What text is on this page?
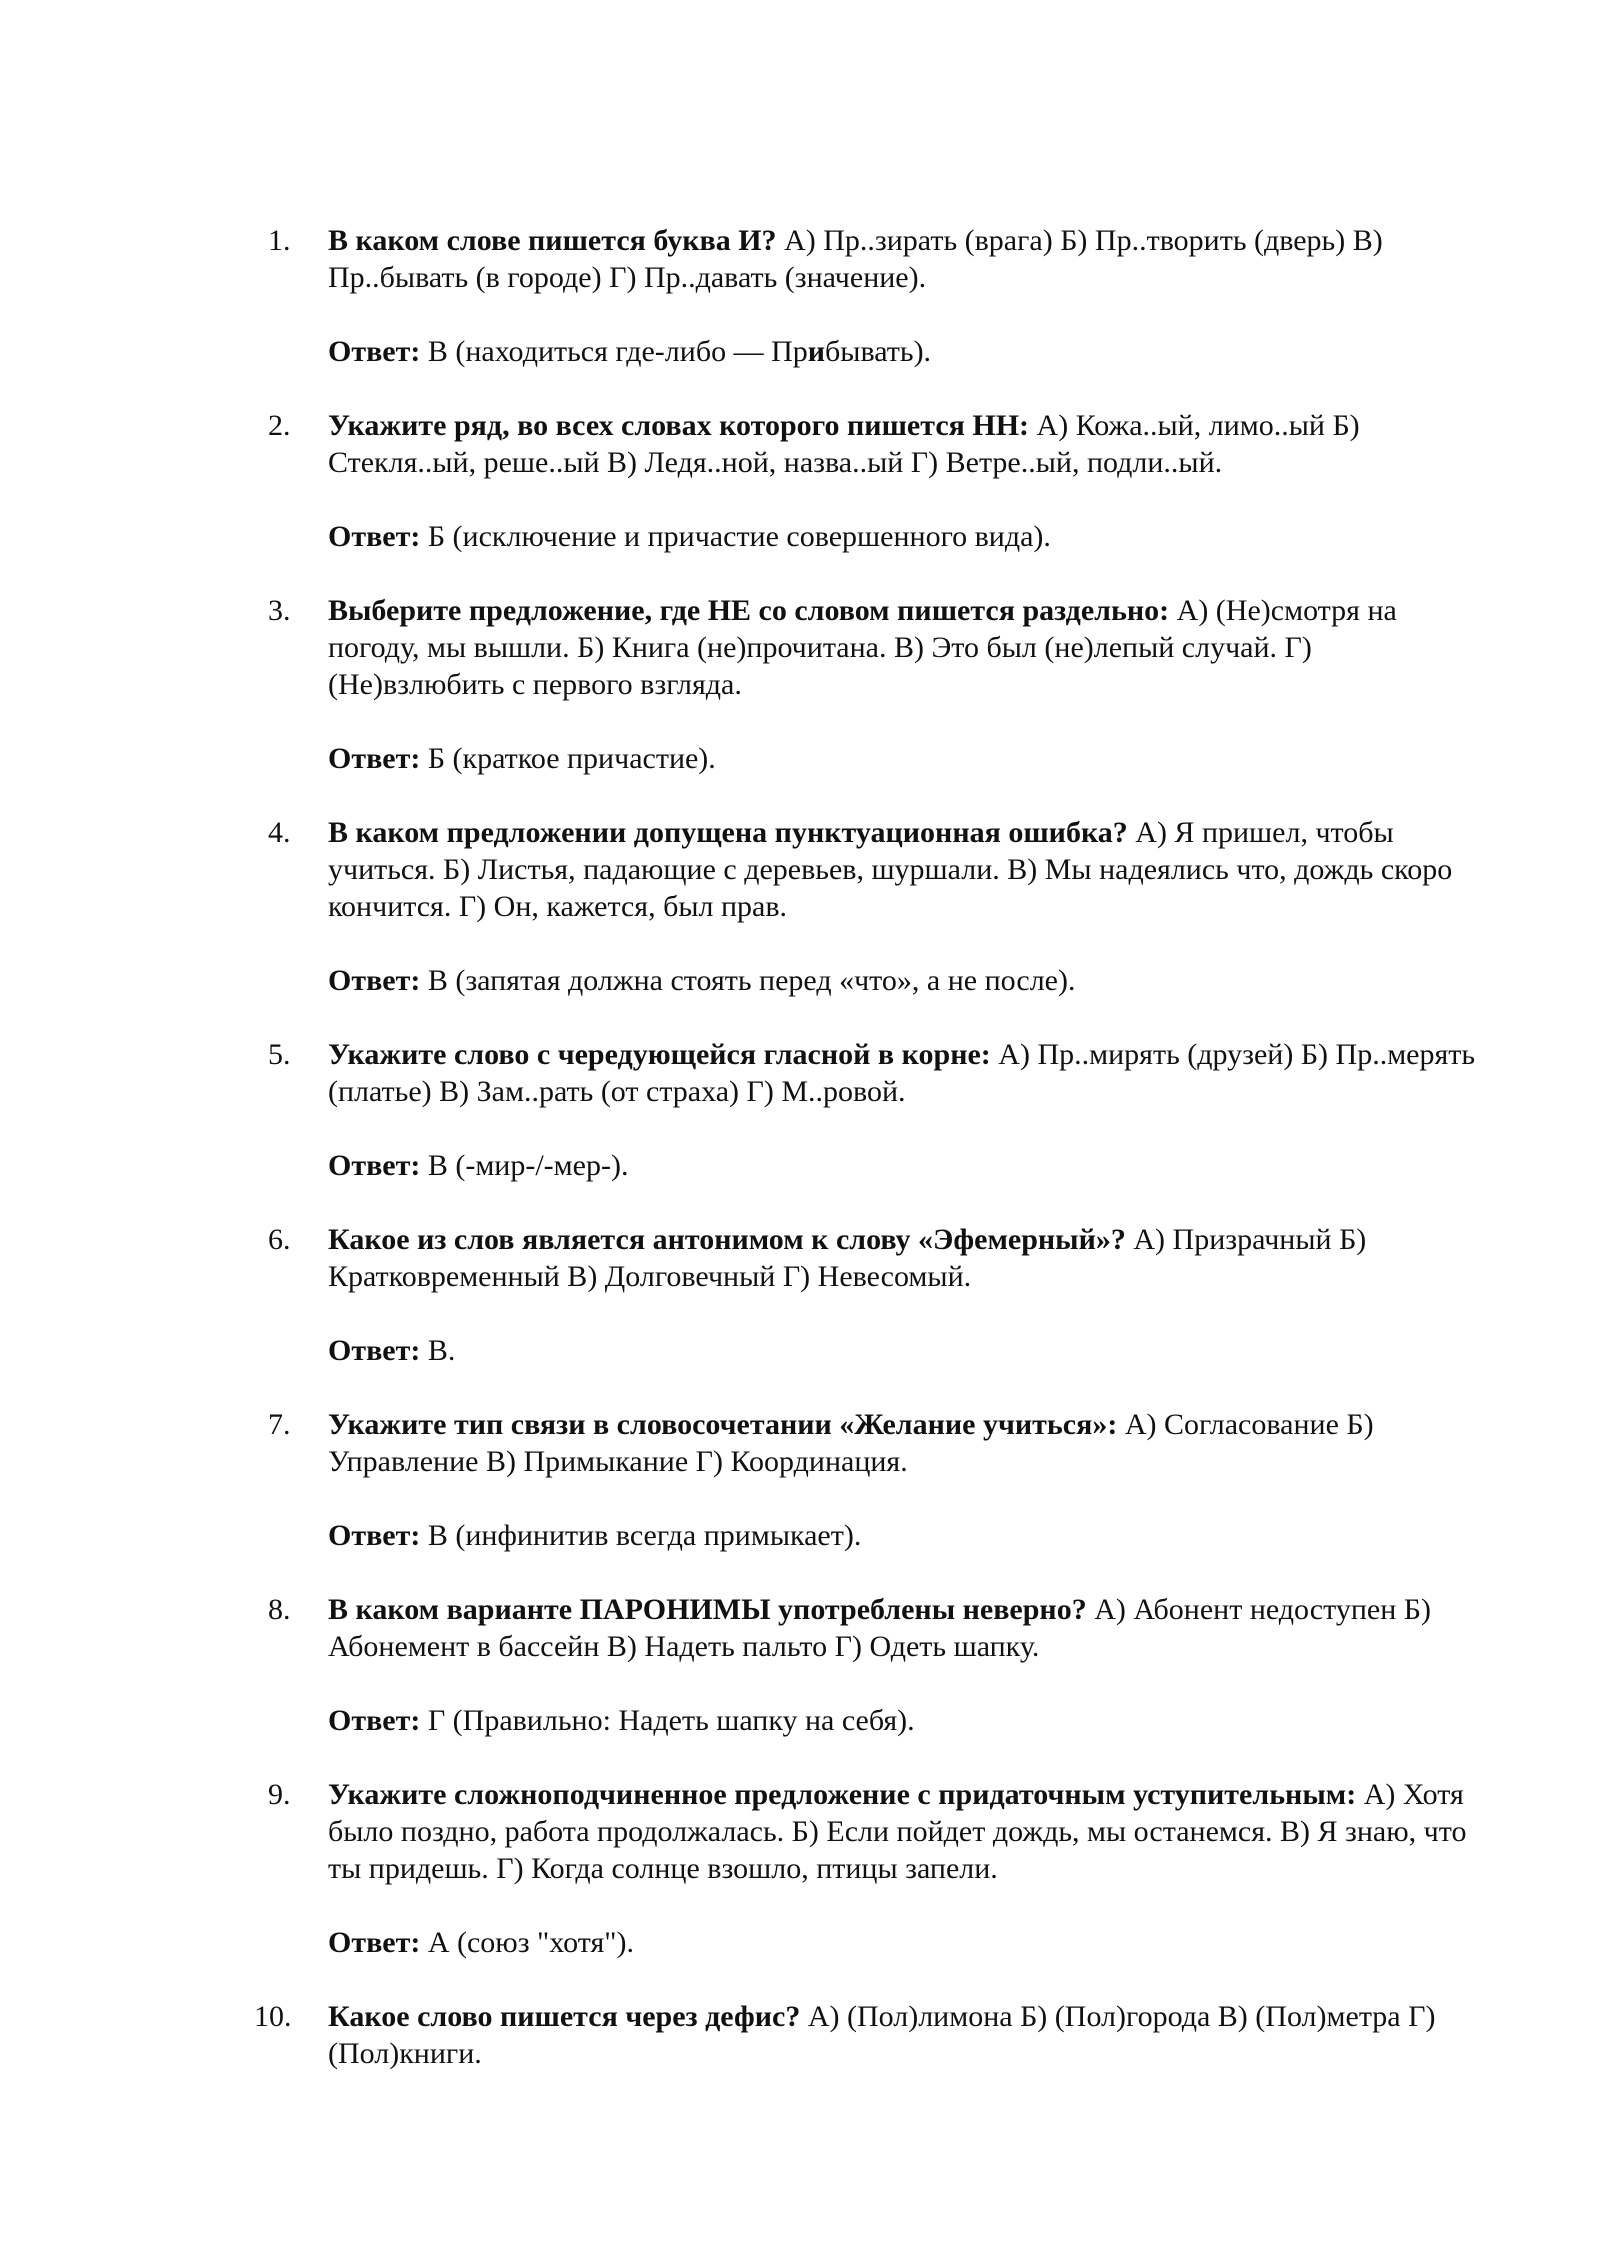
1.	В каком слове пишется буква И? А) Пр..зирать (врага) Б) Пр..творить (дверь) В) Пр..бывать (в городе) Г) Пр..давать (значение).
Ответ: В (находиться где-либо — Прибывать).
2.	Укажите ряд, во всех словах которого пишется НН: А) Кожа..ый, лимо..ый Б) Стекля..ый, реше..ый В) Ледя..ной, назва..ый Г) Ветре..ый, подли..ый.
Ответ: Б (исключение и причастие совершенного вида).
3.	Выберите предложение, где НЕ со словом пишется раздельно: А) (Не)смотря на погоду, мы вышли. Б) Книга (не)прочитана. В) Это был (не)лепый случай. Г) (Не)взлюбить с первого взгляда.
Ответ: Б (краткое причастие).
4.	В каком предложении допущена пунктуационная ошибка? А) Я пришел, чтобы учиться. Б) Листья, падающие с деревьев, шуршали. В) Мы надеялись что, дождь скоро кончится. Г) Он, кажется, был прав.
Ответ: В (запятая должна стоять перед «что», а не после).
5.	Укажите слово с чередующейся гласной в корне: А) Пр..мирять (друзей) Б) Пр..мерять (платье) В) Зам..рать (от страха) Г) М..ровой.
Ответ: В (-мир-/-мер-).
6.	Какое из слов является антонимом к слову «Эфемерный»? А) Призрачный Б) Кратковременный В) Долговечный Г) Невесомый.
Ответ: В.
7.	Укажите тип связи в словосочетании «Желание учиться»: А) Согласование Б) Управление В) Примыкание Г) Координация.
Ответ: В (инфинитив всегда примыкает).
8.	В каком варианте ПАРОНИМЫ употреблены неверно? А) Абонент недоступен Б) Абонемент в бассейн В) Надеть пальто Г) Одеть шапку.
Ответ: Г (Правильно: Надеть шапку на себя).
9.	Укажите сложноподчиненное предложение с придаточным уступительным: А) Хотя было поздно, работа продолжалась. Б) Если пойдет дождь, мы останемся. В) Я знаю, что ты придешь. Г) Когда солнце взошло, птицы запели.
Ответ: А (союз "хотя").
10.	Какое слово пишется через дефис? А) (Пол)лимона Б) (Пол)города В) (Пол)метра Г) (Пол)книги.
